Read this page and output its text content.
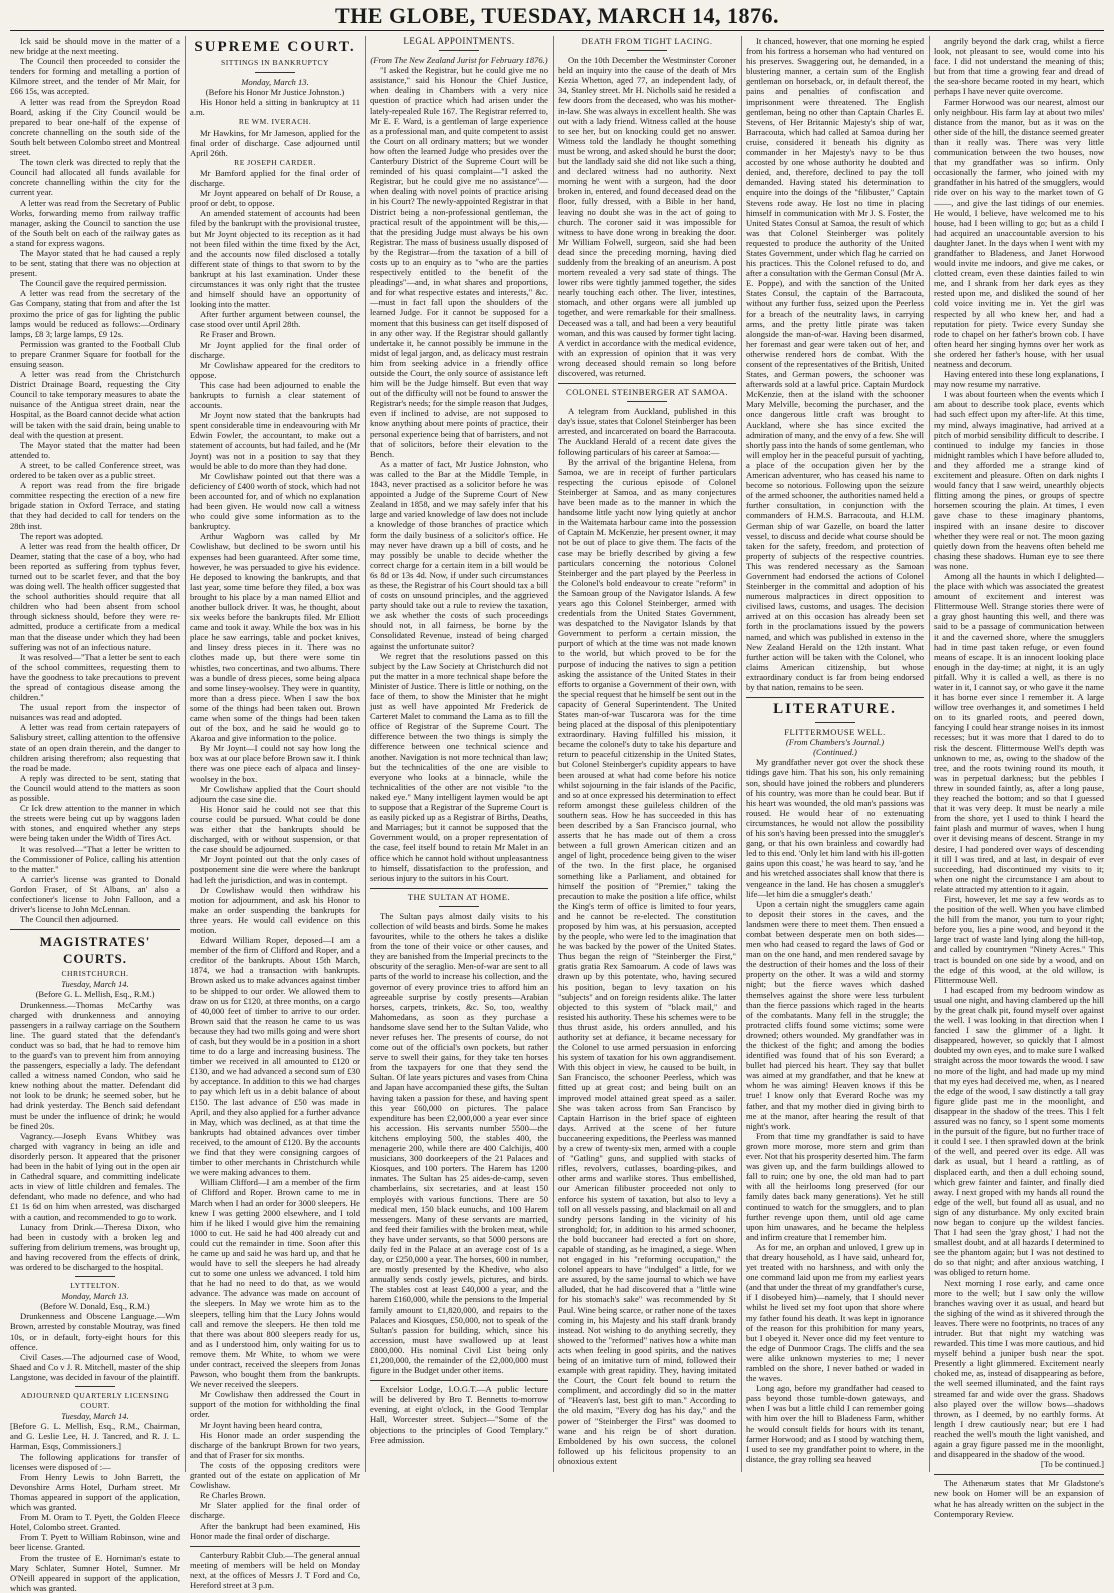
THE GLOBE, TUESDAY, MARCH 14, 1876.

Ick said be should move in the matter of a new bridge at the next meeting.

The Council then proceeded to consider the tenders for forming and metalling a portion of Kilmore street, and the tender of Mr Mair, for £66 15s, was accepted.

A letter was read from the Spreydon Road Board, asking if the City Council would be prepared to bear one-half of the expense of concrete channelling on the south side of the South belt between Colombo street and Montreal street.

The town clerk was directed to reply that the Council had allocated all funds available for concrete channelling within the city for the current year.

A letter was read from the Secretary of Public Works, forwarding memo from railway traffic manager, asking the Council to sanction the use of the South belt on each of the railway gates as a stand for express wagons.

The Mayor stated that he had caused a reply to be sent, stating that there was no objection at present.

The Council gave the required permission.

A letter was read from the secretary of the Gas Company, stating that from and after the 1st proximo the price of gas for lighting the public lamps would be reduced as follows:—Ordinary lamps, £8 3; large lamps, £9 12s.

Permission was granted to the Football Club to prepare Cranmer Square for football for the ensuing season.

A letter was read from the Christchurch District Drainage Board, requesting the City Council to take temporary measures to abate the nuisance of the Antigua street drain, near the Hospital, as the Board cannot decide what action will be taken with the said drain, being unable to deal with the question at present.

The Mayor stated that the matter had been attended to.

A street, to be called Conference street, was ordered to be taken over as a public street.

A report was read from the fire brigade committee respecting the erection of a new fire brigade station in Oxford Terrace, and stating that they had decided to call for tenders on the 28th inst.

The report was adopted.

A letter was read from the health officer, Dr Deamer, stating that the case of a boy, who had been reported as suffering from typhus fever, turned out to be scarlet fever, and that the boy was doing well. The health officer suggested that the school authorities should require that all children who had been absent from school through sickness should, before they were re-admitted, produce a certificate from a medical man that the disease under which they had been suffering was not of an infectious nature.

It was resolved—"That a letter be sent to each of the school committees, requesting them to have the goodness to take precautions to prevent the spread of contagious disease among the children."

The usual report from the inspector of nuisances was read and adopted.

A letter was read from certain ratepayers of Salisbury street, calling attention to the offensive state of an open drain therein, and the danger to children arising therefrom; also requesting that the road be made.

A reply was directed to be sent, stating that the Council would attend to the matters as soon as possible.

Cr Ick drew attention to the manner in which the streets were being cut up by waggons laden with stones, and enquired whether any steps were being taken under the Width of Tires Act.

It was resolved—"That a letter be written to the Commissioner of Police, calling his attention to the matter."

A carrier's license was granted to Donald Gordon Fraser, of St Albans, an' also a confectioner's license to John Falloon, and a driver's license to John McLennan.

The Council then adjourned.

MAGISTRATES' COURTS.

CHRISTCHURCH.

Tuesday, March 14.

(Before G. L. Mellish, Esq., R.M.)

Drunkenness.—Thomas McCarthy was charged with drunkenness and annoying passengers in a railway carriage on the Southern line. The guard stated that the defendant's conduct was so bad, that he had to remove him to the guard's van to prevent him from annoying the passengers, especially a lady. The defendant called a witness named Condon, who said he knew nothing about the matter. Defendant did not look to be drunk; he seemed sober, but he had drink yesterday. The Bench said defendant must be under the influence of drink; he would be fined 20s.

Vagrancy.—Joseph Evans Whitbey was charged with vagrancy in being an idle and disorderly person. It appeared that the prisoner had been in the habit of lying out in the open air in Cathedral square, and committing indelicate acts in view of little children and females. The defendant, who made no defence, and who had £1 1s 6d on him when arrested, was discharged with a caution, and recommended to go to work.

Lunacy from Drink.—Theresa Dixon, who had been in custody with a broken leg and suffering from delirium tremens, was brought up, and having recovered from the effects of drink, was ordered to be discharged to the hospital.

LYTTELTON.

Monday, March 13.

(Before W. Donald, Esq., R.M.)

Drunkenness and Obscene Language.—Wm Brown, arrested by constable Moutray, was fined 10s, or in default, forty-eight hours for this offence.

Civil Cases.—The adjourned case of Wood, Shaed and Co v J. R. Mitchell, master of the ship Langstone, was decided in favour of the plaintiff.

ADJOURNED QUARTERLY LICENSING COURT.

Tuesday, March 14.

[Before G. L. Mellish, Esq., R.M., Chairman, and G. Leslie Lee, H. J. Tancred, and R. J. L. Harman, Esqs, Commissioners.]

The following applications for transfer of licenses were disposed of :—

From Henry Lewis to John Barrett, the Devonshire Arms Hotel, Durham street. Mr Thomas appeared in support of the application, which was granted.

From M. Oram to T. Pyett, the Golden Fleece Hotel, Colombo street. Granted.

From T. Pyett to William Robinson, wine and beer license. Granted.

From the trustee of E. Horniman's estate to Mary Schlater, Sumner Hotel, Sumner. Mr O'Neill appeared in support of the application, which was granted.

SUPREME COURT.

SITTINGS IN BANKRUPTCY

Monday, March 13.

(Before his Honor Mr Justice Johnston.)

His Honor held a sitting in bankruptcy at 11 a.m.

RE WM. IVERACH.

Mr Hawkins, for Mr Jameson, applied for the final order of discharge. Case adjourned until April 26th.

RE JOSEPH CARDER.

Mr Bamford applied for the final order of discharge.

Mr Joynt appeared on behalf of Dr Rouse, a proof or debt, to oppose.

An amended statement of accounts had been filed by the bankrupt with the provisional trustee, but Mr Joynt objected to its reception as it had not been filed within the time fixed by the Act, and the accounts now filed disclosed a totally different state of things to that sworn to by the bankrupt at his last examination. Under these circumstances it was only right that the trustee and himself should have an opportunity of looking into the matter.

After further argument between counsel, the case stood over until April 28th.

Re Fraser and Brown.

Mr Joynt applied for the final order of discharge.

Mr Cowlishaw appeared for the creditors to oppose.

This case had been adjourned to enable the bankrupts to furnish a clear statement of accounts.

Mr Joynt now stated that the bankrupts had spent considerable time in endeavouring with Mr Edwin Fowler, the accountant, to make out a statement of accounts, but had failed, and he (Mr Joynt) was not in a position to say that they would be able to do more than they had done.

Mr Cowlishaw pointed out that there was a deficiency of £400 worth of stock, which had not been accounted for, and of which no explanation had been given. He would now call a witness who could give some information as to the bankruptcy.

Arthur Wagborn was called by Mr Cowlishaw, but declined to be sworn until his expenses had been guaranteed. After some time, however, he was persuaded to give his evidence. He deposed to knowing the bankrupts, and that last year, some time before they filed, a box was brought to his place by a man named Elliot and another bullock driver. It was, he thought, about six weeks before the bankrupts filed. Mr Elliott came and took it away. While the box was in his place he saw earrings, table and pocket knives, and linsey dress pieces in it. There was no clothes made up, but there were some tin whistles, two concertinas, and two albums. There was a bundle of dress pieces, some being alpaca and some linsey-woolsey. They were in quantity, more than a dress piece. When I saw the box some of the things had been taken out. Brown came when some of the things had been taken out of the box, and he said he would go to Akaroa and give information to the police.

By Mr Joynt—I could not say how long the box was at our place before Brown saw it. I think there was one piece each of alpaca and linsey-woolsey in the box.

Mr Cowlishaw applied that the Court should adjourn the case sine die.

His Honor said he could not see that this course could be pursued. What could be done was either that the bankrupts should be discharged, with or without suspension, or that the case should be adjourned.

Mr Joynt pointed out that the only cases of postponement sine die were where the bankrupt had left the jurisdiction, and was in contempt.

Dr Cowlishaw would then withdraw his motion for adjournment, and ask his Honor to make an order suspending the bankrupts for three years. He would call evidence on this motion.

Edward William Roper, deposed—I am a member of the firm of Clifford and Roper, and a creditor of the bankrupts. About 15th March, 1874, we had a transaction with bankrupts. Brown asked us to make advances against timber to be shipped to our order. We allowed them to draw on us for £120, at three months, on a cargo of 40,000 feet of timber to arrive to our order. Brown said that the reason he came to us was because they had two mills going and were short of cash, but they would be in a position in a short time to do a large and increasing business. The timber we received in all amounted to £120 or £130, and we had advanced a second sum of £30 by acceptance. In addition to this we had charges to pay which left us in a debit balance of about £150. The last advance of £50 was made in April, and they also applied for a further advance in May, which was declined, as at that time the bankrupts had obtained advances over timber received, to the amount of £120. By the accounts we find that they were consigning cargoes of timber to other merchants in Christchurch while we were making advances to them.

William Clifford—I am a member of the firm of Clifford and Roper. Brown came to me in March when I had an order for 3000 sleepers. He knew I was getting 2000 elsewhere, and I told him if he liked I would give him the remaining 1000 to cut. He said he had 400 already cut and could cut the remainder in time. Soon after this he came up and said he was hard up, and that he would have to sell the sleepers he had already cut to some one unless we advanced. I told him that he had no need to do that, as we would advance. The advance was made on account of the sleepers. In May we wrote him as to the sleepers, telling him that the Lucy Johns would call and remove the sleepers. He then told me that there was about 800 sleepers ready for us, and as I understood him, only waiting for us to remove them. Mr White, to whom we were under contract, received the sleepers from Jonas Pawson, who bought them from the bankrupts. We never received the sleepers.

Mr Cowlishaw then addressed the Court in support of the motion for withholding the final order.

Mr Joynt having been heard contra,

His Honor made an order suspending the discharge of the bankrupt Brown for two years, and that of Fraser for six months.

The costs of the opposing creditors were granted out of the estate on application of Mr Cowlishaw.

Re Charles Brown.

Mr Slater applied for the final order of discharge.

After the bankrupt had been examined, His Honor made the final order of discharge.

Canterbury Rabbit Club.—The general annual meeting of members will be held on Monday next, at the offices of Messrs J. T Ford and Co, Hereford street at 3 p.m.

LEGAL APPOINTMENTS.

(From The New Zealand Jurist for February 1876.)

"I asked the Registrar, but he could give me no assistance," said his Honour the Chief Justice, when dealing in Chambers with a very nice question of practice which had arisen under the lately-repealed Rule 167. The Registrar referred to, Mr E. F. Ward, is a gentleman of large experience as a professional man, and quite competent to assist the Court on all ordinary matters; but we wonder how often the learned Judge who presides over the Canterbury District of the Supreme Court will be reminded of his quasi complaint—"I asked the Registrar, but he could give me no assistance"—when dealing with novel points of practice arising in his Court? The newly-appointed Registrar in that District being a non-professional gentleman, the practical result of the appointment will be this,—that the presiding Judge must always be his own Registrar. The mass of business usually disposed of by the Registrar—from the taxation of a bill of costs up to an enquiry as to "who are the parties respectively entitled to the benefit of the pleadings"—and, in what shares and proportions, and for what respective estates and interests," &c.—must in fact fall upon the shoulders of the learned Judge. For it cannot be supposed for a moment that this business can get itself disposed of in any other way. If the Registrar should gallantly undertake it, he cannot possibly be immune in the midst of legal jargon, and, as delicacy must restrain him from seeking advice in a friendly office outside the Court, the only source of assistance left him will be the Judge himself. But even that way out of the difficulty will not be found to answer the Registrar's needs; for the simple reason that Judges, even if inclined to advise, are not supposed to know anything about mere points of practice, their personal experience being that of barristers, and not that of solicitors, before their elevation to the Bench.

As a matter of fact, Mr Justice Johnston, who was called to the Bar at the Middle Temple, in 1843, never practised as a solicitor before he was appointed a Judge of the Supreme Court of New Zealand in 1858, and we may safely infer that his large and varied knowledge of law does not include a knowledge of those branches of practice which form the daily business of a solicitor's office. He may never have drawn up a bill of costs, and he may possibly be unable to decide whether the correct charge for a certain item in a bill would be 6s 8d or 13s 4d. Now, if under such circumstances as these, the Registrar of his Court should tax a bill of costs on unsound principles, and the aggrieved party should take out a rule to review the taxation, we ask whether the costs of such proceedings should not, in all fairness, be borne by the Consolidated Revenue, instead of being charged against the unfortunate suitor?

We regret that the resolutions passed on this subject by the Law Society at Christchurch did not put the matter in a more technical shape before the Minister of Justice. There is little or nothing, on the face of them, to show the Minister that he might just as well have appointed Mr Frederick de Carteret Malet to command the Lama as to fill the office of Registrar of the Supreme Court. The difference between the two things is simply the difference between one technical science and another. Navigation is not more technical than law; but the technicalities of the one are visible to everyone who looks at a binnacle, while the technicalities of the other are not visible "to the naked eye." Many intelligent laymen would be apt to suppose that a Registrar of the Supreme Court is as easily picked up as a Registrar of Births, Deaths, and Marriages; but it cannot be supposed that the Government would, on a proper representation of the case, feel itself bound to retain Mr Malet in an office which he cannot hold without unpleasantness to himself, dissatisfaction to the profession, and serious injury to the suitors in his Court.

THE SULTAN AT HOME.

The Sultan pays almost daily visits to his collection of wild beasts and birds. Some he makes favourites, while to the others he takes a dislike from the tone of their voice or other causes, and they are banished from the Imperial precincts to the obscurity of the seraglio. Men-of-war are sent to all parts of the world to increase his collection, and the governor of every province tries to afford him an agreeable surprise by costly presents—Arabian horses, carpets, trinkets, &c. So, too, wealthy Mahomedans, as soon as they purchase a handsome slave send her to the Sultan Valide, who never refuses her. The presents of course, do not come out of the official's own pockets, but rather serve to swell their gains, for they take ten horses from the taxpayers for one that they send the Sultan. Of late years pictures and vases from China and Japan have accompanied these gifts, the Sultan having taken a passion for these, and having spent this year £60,000 on pictures. The palace expenditure has been £2,000,000 a year ever since his accession. His servants number 5500—the kitchens employing 500, the stables 400, the menagerie 200, while there are 400 Calchijis, 400 musicians, 300 doorkeepers of the 21 Palaces and Kiosques, and 100 porters. The Harem has 1200 inmates. The Sultan has 25 aides-de-camp, seven chamberlains, six secretaries, and at least 150 employés with various functions. There are 50 medical men, 150 black eunuchs, and 100 Harem messengers. Many of these servants are married, and feed their families with the broken meat, while they have under servants, so that 5000 persons are daily fed in the Palace at an average cost of 1s a day, or £250,000 a year. The horses, 600 in number, are mostly presented by the Khedive, who also annually sends costly jewels, pictures, and birds. The stables cost at least £40,000 a year, and the harem £160,000, while the pensions to the Imperial family amount to £1,820,000, and repairs to the Palaces and Kiosques, £50,000, not to speak of the Sultan's passion for building, which, since his accession, must have swallowed up at least £800,000. His nominal Civil List being only £1,200,000, the remainder of the £2,000,000 must figure in the Budget under other items.

Excelsior Lodge, I.O.G.T.—A public lecture will be delivered by Bro T. Bennetts to-morrow evening, at eight o'clock, in the Good Templar Hall, Worcester street. Subject—"Some of the objections to the principles of Good Templary." Free admission.

DEATH FROM TIGHT LACING.

On the 10th December the Westminster Coroner held an inquiry into the cause of the death of Mrs Kezia Whetton, aged 77, an independent lady, of 34, Stanley street. Mr H. Nicholls said he resided a few doors from the deceased, who was his mother-in-law. She was always in excellent health. She was out with a lady friend. Witness called at the house to see her, but on knocking could get no answer. Witness told the landlady he thought something must be wrong, and asked should he burst the door; but the landlady said she did not like such a thing, and declared witness had no authority. Next morning he went with a surgeon, had the door broken in, entered, and found deceased dead on the floor, fully dressed, with a Bible in her hand, leaving no doubt she was in the act of going to church. The coroner said it was impossible for witness to have done wrong in breaking the door. Mr William Folwell, surgeon, said she had been dead since the preceding morning, having died suddenly from the breaking of an aneurism. A post mortem revealed a very sad state of things. The lower ribs were tightly jammed together, the sides nearly touching each other. The liver, intestines, stomach, and other organs were all jumbled up together, and were remarkable for their smallness. Deceased was a tall, and had been a very beautiful woman, and this was caused by former tight lacing. A verdict in accordance with the medical evidence, with an expression of opinion that it was very wrong deceased should remain so long before discovered, was returned.

COLONEL STEINBERGER AT SAMOA.

A telegram from Auckland, published in this day's issue, states that Colonel Steinberger has been arrested, and incarcerated on board the Barracouta. The Auckland Herald of a recent date gives the following particulars of his career at Samoa:—

By the arrival of the brigantine Helena, from Samoa, we are in receipt of further particulars respecting the curious episode of Colonel Steinberger at Samoa, and as many conjectures have been made as to the manner in which the handsome little yacht now lying quietly at anchor in the Waitemata harbour came into the possession of Captain M. McKenzie, her present owner, it may not be out of place to give them. The facts of the case may be briefly described by giving a few particulars concerning the notorious Colonel Steinberger and the part played by the Peerless in the Colonel's bold endeavour to create "reform" in the Samoan group of the Navigator Islands. A few years ago this Colonel Steinberger, armed with credentials from the United States Government, was despatched to the Navigator Islands by that Government to perform a certain mission, the purport of which at the time was not made known to the world, but which proved to be for the purpose of inducing the natives to sign a petition asking the assistance of the United States in their efforts to organise a Government of their own, with the special request that he himself be sent out in the capacity of General Superintendent. The United States man-of-war Tuscarora was for the time being placed at the disposal of this plenipotentiary extraordinary. Having fulfilled his mission, it became the colonel's duty to take his departure and return to peaceful citizenship in the United States, but Colonel Steinberger's cupidity appears to have been aroused at what had come before his notice whilst sojourning in the fair islands of the Pacific, and so at once expressed his determination to effect reform amongst these guileless children of the southern seas. How he has succeeded in this has been described by a San Francisco journal, who asserts that he has made out of them a cross between a full grown American citizen and an angel of light, procedence being given to the wiser of the two. In the first place, he organised something like a Parliament, and obtained for himself the position of "Premier," taking the precaution to make the position a life office, whilst the King's term of office is limited to four years, and he cannot be re-elected. The constitution proposed by him was, at his persuasion, accepted by the people, who were led to the imagination that he was backed by the power of the United States. Thus began the reign of "Steinberger the First," gratis gratia Rex Samoarum. A code of laws was drawn up by this potentate, who, having secured his position, began to levy taxation on his "subjects" and on foreign residents alike. The latter objected to this system of "black mail," and resisted his authority. These his schemes were to be thus thrust aside, his orders annulled, and his authority set at defiance, it became necessary for the Colonel to use armed persuasion in enforcing his system of taxation for his own aggrandisement. With this object in view, he caused to be built, in San Francisco, the schooner Peerless, which was fitted up at great cost; and being built on an improved model attained great speed as a sailer. She was taken across from San Francisco by Captain Harrison in the brief space of eighteen days. Arrived at the scene of her future buccaneering expeditions, the Peerless was manned by a crew of twenty-six men, armed with a couple of "Gatling" guns, and supplied with stacks of rifles, revolvers, cutlasses, boarding-pikes, and other arms and warlike stores. Thus embellished, our American filibuster proceeded not only to enforce his system of taxation, but also to levy a toll on all vessels passing, and blackmail on all and sundry persons landing in the vicinity of his stronghold; for, in addition to his armed schooner, the bold buccaneer had erected a fort on shore, capable of standing, as he imagined, a siege. When not engaged in his "reforming occupation," the colonel appears to have "indulged" a little, for we are assured, by the same journal to which we have alluded, that he had discovered that a "little wine for his stomach's sake" was recommended by St Paul. Wine being scarce, or rather none of the taxes coming in, his Majesty and his staff drank brandy instead. Not wishing to do anything secretly, they showed to the "reformed" natives how a white man acts when feeling in good spirits, and the natives being of an imitative turn of mind, followed their example with great rapidity. They, having imitated the Court, the Court felt bound to return the compliment, and accordingly did so in the matter of "Heaven's last, best gift to man." According to the old maxim, "Every dog has his day," and the power of "Steinberger the First" was doomed to wane and his reign be of short duration. Emboldened by his own success, the colonel followed up his felicitous propensity to an obnoxious extent

It chanced, however, that one morning he espied from his fortress a horseman who had ventured on his preserves. Swaggering out, he demanded, in a blustering manner, a certain sum of the English gentleman on horseback, or, in default thereof, the pains and penalties of confiscation and imprisonment were threatened. The English gentleman, being no other than Captain Charles E. Stevens, of Her Britannic Majesty's ship of war, Barracouta, which had called at Samoa during her cruise, considered it beneath his dignity as commander in her Majesty's navy to be thus accosted by one whose authority he doubted and denied, and, therefore, declined to pay the toll demanded. Having stated his determination to enquire into the doings of the "filibuster," Captain Stevens rode away. He lost no time in placing himself in communication with Mr J. S. Foster, the United States Consul at Samoa, the result of which was that Colonel Steinberger was politely requested to produce the authority of the United States Government, under which flag he carried on his practices. This the Colonel refused to do, and after a consultation with the German Consul (Mr A. E. Poppe), and with the sanction of the United States Consul, the captain of the Barracouta, without any further fuss, seized upon the Peerless for a breach of the neutrality laws, in carrying arms, and the pretty little pirate was taken alongside the man-of-war. Having been disarmed, her foremast and gear were taken out of her, and otherwise rendered hors de combat. With the consent of the representatives of the British, United States, and German powers, the schooner was afterwards sold at a lawful price. Captain Murdock McKenzie, then at the island with the schooner Mary Melville, becoming the purchaser, and the once dangerous little craft was brought to Auckland, where she has since excited the admiration of many, and the envy of a few. She will shortly pass into the hands of some gentleman, who will employ her in the peaceful pursuit of yachting, a place of the occupation given her by the American adventurer, who has ceased his name to become so notorious. Following upon the seizure of the armed schooner, the authorities named held a further consultation, in conjunction with the commanders of H.M.S. Barracouta, and H.I.M. German ship of war Gazelle, on board the latter vessel, to discuss and decide what course should be taken for the safety, freedom, and protection of property of subjects of the respective countries. This was rendered necessary as the Samoan Government had endorsed the actions of Colonel Steinberger in the committal and adoption of his numerous malpractices in direct opposition to civilised laws, customs, and usages. The decision arrived at on this occasion has already been set forth in the proclamations issued by the powers named, and which was published in extenso in the New Zealand Herald on the 12th instant. What further action will be taken with the Colonel, who claims American citizenship, but whose extraordinary conduct is far from being endorsed by that nation, remains to be seen.

LITERATURE.

FLITTERMOUSE WELL.

(From Chambers's Journal.)

(Continued.)

My grandfather never got over the shock these tidings gave him. That his son, his only remaining son, should have joined the robbers and plunderers of his country, was more than he could bear. But if his heart was wounded, the old man's passions was roused. He would hear of no extenuating circumstances, he would not allow the possibility of his son's having been pressed into the smuggler's gang, or that his own brainless and cowardly had led to this end. 'Only let him land with his ill-gotten gains upon this coast,' he was heard to say, 'and he and his wretched associates shall know that there is vengeance in the land. He has chosen a smuggler's life—let him die a smuggler's death.'

Upon a certain night the smugglers came again to deposit their stores in the caves, and the landsmen were there to meet them. Then ensued a combat between desperate men on both sides—men who had ceased to regard the laws of God or man on the one hand, and men rendered savage by the destruction of their homes and the loss of their property on the other. It was a wild and stormy night; but the fierce waves which dashed themselves against the shore were less turbulent than the fierce passions which raged in the hearts of the combatants. Many fell in the struggle; the protracted cliffs found some victims; some were drowned; others wounded. My grandfather was in the thickest of the fight; and among the bodies identified was found that of his son Everard; a bullet had pierced his heart. They say that bullet was aimed at my grandfather, and that he knew at whom he was aiming! Heaven knows if this be true! I know only that Everard Roche was my father, and that my mother died in giving birth to me at the manor, after hearing the result of that night's work.

From that time my grandfather is said to have grown more morose, more stern and grim than ever. Not that his prosperity deserted him. The farm was given up, and the farm buildings allowed to fall to ruin; one by one, the old man had to part with all the heirlooms long preserved (for our family dates back many generations). Yet he still continued to watch for the smugglers, and to plan further revenge upon them, until old age came upon him unawares, and he became the helpless and infirm creature that I remember him.

As for me, an orphan and unloved, I grew up in that dreary household, as I have said, unheard for, yet treated with no harshness, and with only the one command laid upon me from my earliest years (and that under the threat of my grandfather's curse, if I disobeyed him)—namely, that I should never whilst he lived set my foot upon that shore where my father found his death. It was kept in ignorance of the reason for this prohibition for many years, but I obeyed it. Never once did my feet venture to the edge of Dunmoor Crags. The cliffs and the sea were alike unknown mysteries to me; I never rambled on the shore, I never bathed or waded in the waves.

Long ago, before my grandfather had ceased to pass beyond those tumble-down gateways, and when I was but a little child I can remember going with him over the hill to Bladeness Farm, whither he would consult fields for hours with its tenant, farmer Horwood; and as I stood by watching them, I used to see my grandfather point to where, in the distance, the gray rolling sea heaved

angrily beyond the dark crag, whilst a fierce look, not pleasant to see, would come into his face. I did not understand the meaning of this; but from that time a growing fear and dread of the sea-shore became rooted in my heart, which perhaps I have never quite overcome.

Farmer Horwood was our nearest, almost our only neighbour. His farm lay at about two miles' distance from the manor, but as it was on the other side of the hill, the distance seemed greater than it really was. There was very little communication between the two houses, now that my grandfather was so infirm. Only occasionally the farmer, who joined with my grandfather in his hatred of the smugglers, would ride over on his way to the market town of G——, and give the last tidings of our enemies. He would, I believe, have welcomed me to his house, had I been willing to go; but as a child I had acquired an unaccountable aversion to his daughter Janet. In the days when I went with my grandfather to Bladeness, and Janet Horwood would invite me indoors, and give me cakes, or clotted cream, even these dainties failed to win me, and I shrank from her dark eyes as they rested upon me, and disliked the sound of her cold voice inviting me in. Yet the girl was respected by all who knew her, and had a reputation for piety. Twice every Sunday she rode to chapel on her father's brown cob. I have often heard her singing hymns over her work as she ordered her father's house, with her usual neatness and decorum.

Having entered into these long explanations, I may now resume my narrative.

I was about fourteen when the events which I am about to describe took place, events which had such effect upon my after-life. At this time, my mind, always imaginative, had arrived at a pitch of morbid sensibility difficult to describe. I continued to indulge my fancies in those midnight rambles which I have before alluded to, and they afforded me a strange kind of excitement and pleasure. Often on dark nights I would fancy that I saw weird, unearthly objects flitting among the pines, or groups of spectre horsemen scouring the plain. At times, I even gave chase to these imaginary phantoms, inspired with an insane desire to discover whether they were real or not. The moon gazing quietly down from the heavens often beheld me chasing these shadows. Human eye to see there was none.

Among all the haunts in which I delighted—the place with which was associated the greatest amount of excitement and interest was Flittermouse Well. Strange stories there were of a gray ghost haunting this well, and there was said to be a passage of communication between it and the caverned shore, where the smugglers had in time past taken refuge, or even found means of escape. It is an innocent looking place enough in the day-time; at night, it is an ugly pitfall. Why it is called a well, as there is no water in it, I cannot say, or who gave it the name it has borne ever since I remember it. A large willow tree overhanges it, and sometimes I held on to its gnarled roots, and peered down, fancying I could hear strange noises in its inmost recesses; but it was more that I dared to do to risk the descent. Flittermouse Well's depth was unknown to me, as, owing to the shadow of the tree, and the roots twining round its mouth, it was in perpetual darkness; but the pebbles I threw in sounded faintly, as, after a long pause, they reached the bottom; and so that I guessed that it was very deep. It must be nearly a mile from the shore, yet I used to think I heard the faint plash and murmur of waves, when I hung over it devising means of descent. Strange in my desire, I had pondered over ways of descending it till I was tired, and at last, in despair of ever succeeding, had discontinued my visits to it; when one night the circumstance I am about to relate attracted my attention to it again.

First, however, let me say a few words as to the position of the well. When you have climbed the hill from the manor, you turn to your right; before you, lies a pine wood, and beyond it the large tract of waste land lying along the hill-top, and called by countrymen "Ninety Acres." This tract is bounded on one side by a wood, and on the edge of this wood, at the old willow, is Flittermouse Well.

I had escaped from my bedroom window as usual one night, and having clambered up the hill by the great chalk pit, found myself over against the well. I was looking in that direction when I fancied I saw the glimmer of a light. It disappeared, however, so quickly that I almost doubted my own eyes, and to make sure I walked straight across the moor towards the wood. I saw no more of the light, and had made up my mind that my eyes had deceived me, when, as I neared the edge of the wood, I saw distinctly a tall gray figure glide past me in the moonlight, and disappear in the shadow of the trees. This I felt assured was no fancy, so I spent some moments in the pursuit of the figure, but no further trace of it could I see. I then sprawled down at the brink of the well, and peered over its edge. All was dark as usual, but I heard a rattling, as of displaced earth, and then a dull echoing sound, which grew fainter and fainter, and finally died away. I next groped with my hands all round the edge of the well, but found all as usual, and no sign of any disturbance. My only excited brain now began to conjure up the wildest fancies. That I had seen the 'gray ghost,' I had not the smallest doubt, and at all hazards I determined to see the phantom again; but I was not destined to do so that night; and after anxious watching, I was obliged to return home.

Next morning I rose early, and came once more to the well; but I saw only the willow branches waving over it as usual, and heard but the sighing of the wind as it shivered through the leaves. There were no footprints, no traces of any intruder. But that night my watching was rewarded. This time I was more cautious, and hid myself behind a juniper bush near the spot. Presently a light glimmered. Excitement nearly choked me, as, instead of disappearing as before, the well seemed illuminated, and the faint rays streamed far and wide over the grass. Shadows also played over the willow bows—shadows thrown, as I deemed, by no earthly forms. At length I drew cautiously near; but ere I had reached the well's mouth the light vanished, and again a gray figure passed me in the moonlight, and disappeared in the shadow of the wood.

[To be continued.]

The Athenæum states that Mr Gladstone's new book on Homer will be an expansion of what he has already written on the subject in the Contemporary Review.
